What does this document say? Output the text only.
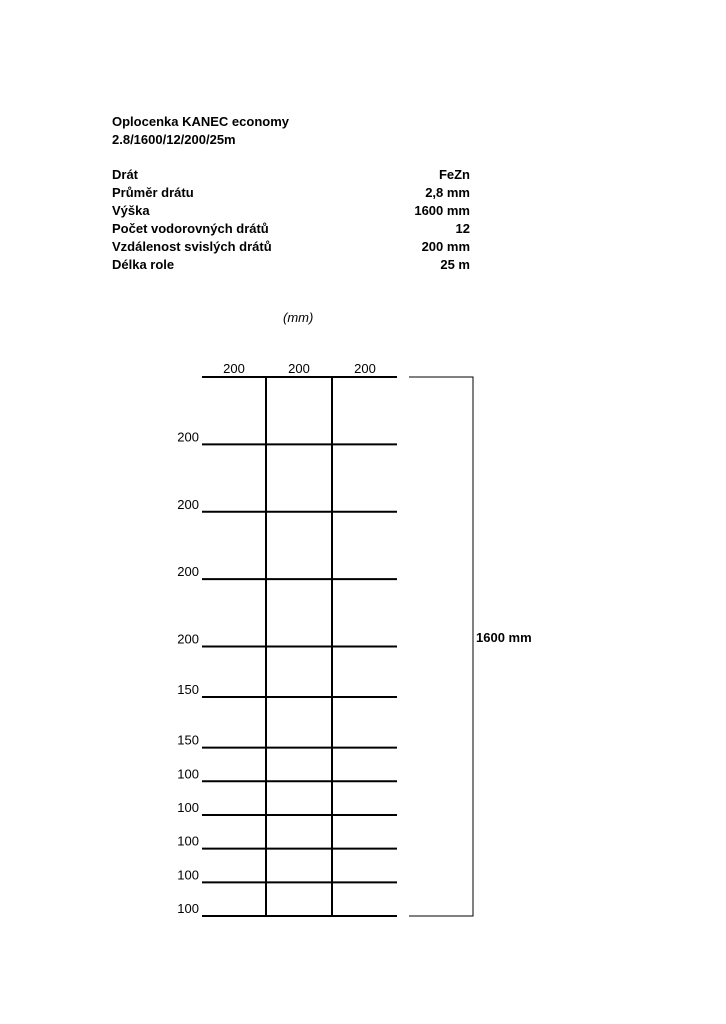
Oplocenka KANEC economy
2.8/1600/12/200/25m
Drát	FeZn
Průměr drátu	2,8 mm
Výška	1600 mm
Počet vodorovných drátů	12
Vzdálenost svislých drátů	200 mm
Délka role	25 m
(mm)
200	200	200
200
200
200
200
150
150
100
100
100
100
100
1600 mm
